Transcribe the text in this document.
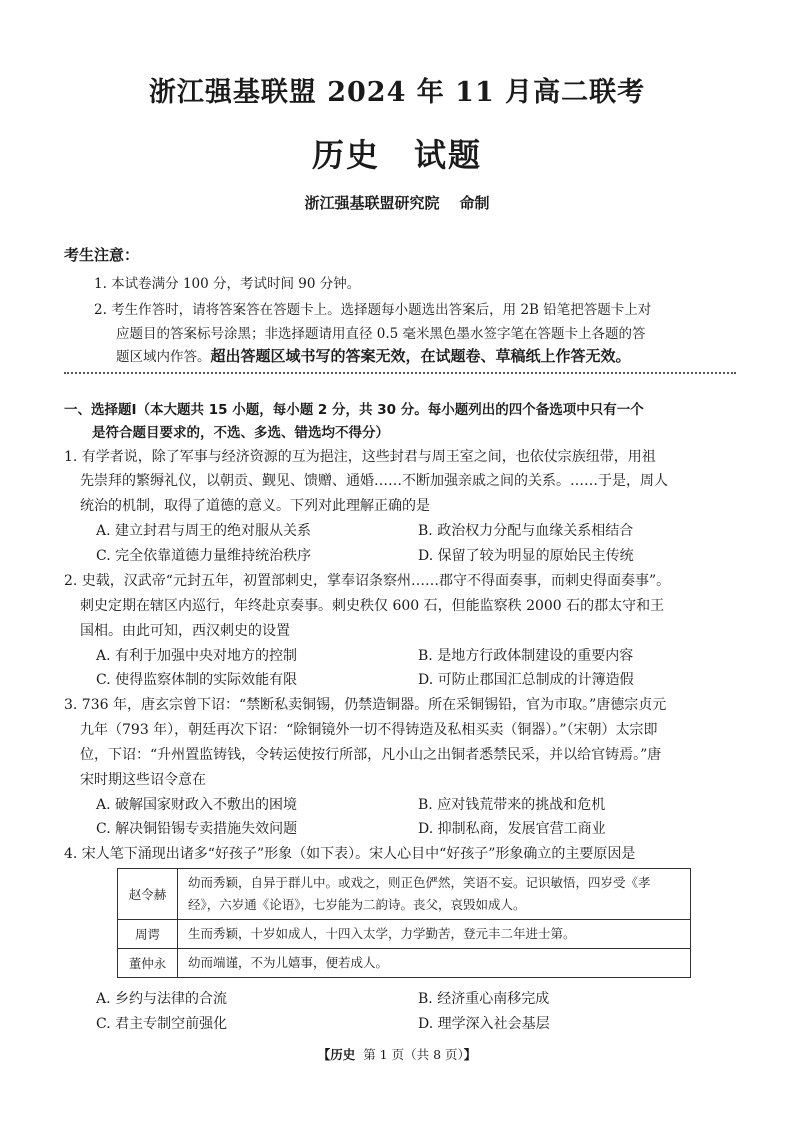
浙江强基联盟 2024 年 11 月高二联考
历史 试题
浙江强基联盟研究院 命制
考生注意：
1. 本试卷满分 100 分，考试时间 90 分钟。
2. 考生作答时，请将答案答在答题卡上。选择题每小题选出答案后，用 2B 铅笔把答题卡上对
应题目的答案标号涂黑；非选择题请用直径 0.5 毫米黑色墨水签字笔在答题卡上各题的答
题区域内作答。超出答题区域书写的答案无效，在试题卷、草稿纸上作答无效。
一、选择题Ⅰ（本大题共 15 小题，每小题 2 分，共 30 分。每小题列出的四个备选项中只有一个
是符合题目要求的，不选、多选、错选均不得分）
1. 有学者说，除了军事与经济资源的互为挹注，这些封君与周王室之间，也依仗宗族纽带，用祖
先崇拜的繁缛礼仪，以朝贡、觐见、馈赠、通婚……不断加强亲戚之间的关系。……于是，周人
统治的机制，取得了道德的意义。下列对此理解正确的是
A. 建立封君与周王的绝对服从关系	B. 政治权力分配与血缘关系相结合
C. 完全依靠道德力量维持统治秩序	D. 保留了较为明显的原始民主传统
2. 史载，汉武帝“元封五年，初置部刺史，掌奉诏条察州……郡守不得面奏事，而刺史得面奏事”。
刺史定期在辖区内巡行，年终赴京奏事。刺史秩仅 600 石，但能监察秩 2000 石的郡太守和王
国相。由此可知，西汉刺史的设置
A. 有利于加强中央对地方的控制	B. 是地方行政体制建设的重要内容
C. 使得监察体制的实际效能有限	D. 可防止郡国汇总制成的计簿造假
3. 736 年，唐玄宗曾下诏：“禁断私卖铜锡，仍禁造铜器。所在采铜锡铅，官为市取。”唐德宗贞元
九年（793 年），朝廷再次下诏：“除铜镜外一切不得铸造及私相买卖（铜器）。”（宋朝）太宗即
位，下诏：“升州置监铸钱，令转运使按行所部，凡小山之出铜者悉禁民采，并以给官铸焉。”唐
宋时期这些诏令意在
A. 破解国家财政入不敷出的困境	B. 应对钱荒带来的挑战和危机
C. 解决铜铅锡专卖措施失效问题	D. 抑制私商，发展官营工商业
4. 宋人笔下涌现出诸多“好孩子”形象（如下表）。宋人心目中“好孩子”形象确立的主要原因是
赵令赫	幼而秀颖，自异于群儿中。或戏之，则正色俨然，笑语不妄。记识敏悟，四岁受《孝经》，六岁通《论语》，七岁能为二韵诗。丧父，哀毁如成人。
周谔	生而秀颖，十岁如成人，十四入太学，力学勤苦，登元丰二年进士第。
董仲永	幼而端谨，不为儿嬉事，便若成人。
A. 乡约与法律的合流	B. 经济重心南移完成
C. 君主专制空前强化	D. 理学深入社会基层
【历史 第 1 页（共 8 页）】
